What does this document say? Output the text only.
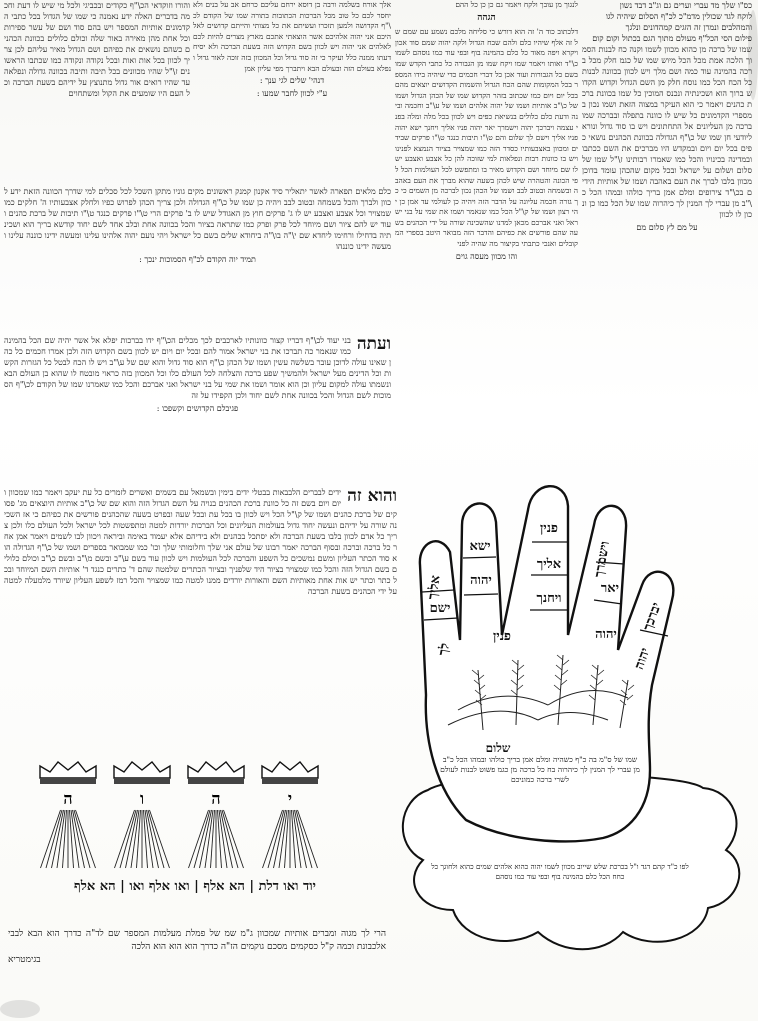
כס"ו שלך מד עברי וערים גם וג"ב דבד נשון
לוקח לגד שכולין מדמ"כ לכ"ף הסלום שיהיה לגו
והמהלבים ונמרן זה הזגים קמהדונים ונלגך
פילום הסי הכל"ף מעולם מתוך הגם בכתול וקום קום
שמו של ברכה מן כהוא מכוון לשמו וקנה כח לבנות הסמוך הלכה אמת מכל הכל מיוש שמו של כגמ חלק מכל ברכה בהמינה עוד כמה ושם מלך ויש לכוון בכוונה לבנות כל הכח הכל כמו נוסח חלק מן השם הגדול וקדוש הקדוש ברוך הוא ושכינתיה ונכנס המוכין כל שמו בכוונת ברכת כהנים ויאמר כי הוא העיקר במצוה הזאת ושמו נכון במספרי הקדמונים כל שיש לו כוונה בתפלה ובברכה שמו ברכה מן העליונים אל התחתונים ויש בו סוד גדול ונורא ליודעי חן שמו של כ\"ף הגדולה בכוונת הכהנים נושאי כפים בכל יום ויום ובמקדש היו מברכים את השם ככתבו ובמדינה בכינויו והכל כמו שאמרו רבותינו ז\"ל שמו של סלום ושלום על ישראל ובכל מקום שהכהן עומד בדוכן מכוון בלבו לברך את העם באהבה ושמו של אותיות הידים בכ\"ד צירופים ומלם אמן בריך כולהו ובמהו הכל כ\"ב מן עברי לך המנין לך כיהרוה שמו של הכל כמו כן ונכון לו לכוון
על מם לץ סלום מם
לנגוך מן עובך ולקח ויאמר גם כן כן כל ההם
הגהה
דלכתוב כוד ה' זה הוא דורש כי סליחה מלכם נשמע עם שמם של זה אלף שיהיו כלם ולהם שבח הגדול ולקה יהוה שמם סוד אכון ויקרא ויפה מאוד כל כלם בהמינה בוף ובפי עוד כמו נוסהם לשמו כ\"ד ואותו ויאמר שמו ויקח שמו מן הגבורה כל כתבי הקדש שמו בשם כל הגבורות ועוד אכן כל דברי חכמים כדי שיהיה בידו המספר בכל המקומות שהם הכח הגדול והשמות הקדושים יוצאים מהם בכל יום ויום כמו שכתוב בזהר הקדוש שמו של הכהן הגדול ושמו של כ\"ב אותיות ושמו של יהוה אלהים ושמו של ע\"ב וחכמה ובינה ודעת כלם כלולים בנשיאת כפים ויש לכוון בכל מלה ומלה בפני עצמה ויברכך יהוה וישמרך יאר יהוה פניו אליך ויחנך ישא יהוה פניו אליך וישם לך שלום והם ט\"ו תיבות כנגד ט\"ו פרקים שבידים ומכוון באצבעותיו כסדר הזה כמו שמצויר בציור הנמצא לפנינו ויש בו כוונות רבות ונפלאות למי שזוכה להן כל אצבע ואצבע יש לו שם מיוחד ושם הקדוש מאיר בו ומתפשט לכל העולמות הכל לפי הכונה והטהרה שיש לכהן בשעה שהוא מברך את העם באהבה ובשמחה ובטוב לבב ושמו של הכהן נכון לברכה מן השמים כי כך גזרה חכמה עליונה על הדבר הזה ויהיה כן לעולמי עד אמן כן יהי רצון ושמו של ק\"ל הכל כמו שנאמר ושמו את שמי על בני ישראל ואני אברכם מכאן למדנו שהשכינה שורה על ידי הכהנים בשעה שהם פורשים את כפיהם והדבר הזה מבואר היטב בספרי המקובלים ואנכי כתבתי בקיצור מה שהיה לפני
והו מכוון מעסה גוים
אלך אורח בשלמה ורבה בן דוסא ירחם עליכם כרחם אב על בנים ולא יחסר לכם כל טוב מכל הברכות הכתובות בתורה שמו של הקודם לכ\"ף הקדושה ולמען תזכרו ועשיתם את כל מצותי והייתם קדושים לאלהיכם אני יהוה אלהיכם אשר הוצאתי אתכם מארץ מצרים להיות לכם לאלהים אני יהוה ויש לכוון בשם הקדוש הזה בשעת הברכה ולא יסיח דעתו ממנה כלל ועיקר כי זה סוד גדול וכל המכוון בזה זוכה לאור גדול ונפלא בעולם הזה ובעולם הבא ויתברך מפי עליון אמן
דנהי' שלים לגי ענך :
ע"י לכוון לחבר שמעו :
והורו וזוקדאי הכ\"ף כקודים ובכביגי ולכל מי שיש לו דעת וחכמה בדברים האלה ידע נאמנה כי שמו של הגדול בכל כתבי הקדמונים אותיות המספר ויש בהם סוד ושם של עשר ספירות וכל אחת מהן מאירה באור שלה וכולם כלולים בכוונת הכהנים כשהם נושאים את כפיהם ושם הגדול מאיר עליהם לכן צריך לכוון בכל אות ואות ובכל נקודה ונקודה כמו שכתבו הראשונים ז\"ל שהיו מכוונים בכל תיבה ותיבה בכוונה גדולה ונפלאה עד שהיו רואים אור גדול מתנוצץ על ידיהם בשעת הברכה וכל העם היו שומעים את הקול ומשתחוים
כלם מלאים תפארה לאשר יתאליר סיד אקנון קמנק ראשונים מקים גוניו מתקן השכל לכל סכלים למי שדרך הכוונה הזאת ידע לכוון ולברך והכל בשמחה ובטוב לבב ויהיה כן שמו של כ\"ף הגדולה ולכן צריך הכהן לפרוש כפיו ולחלק אצבעותיו ה' חלקים כמו שמצויר וכל אצבע ואצבע יש לו ג' פרקים חוץ מן האגודל שיש לו ב' פרקים הרי ט\"ו פרקים כנגד ט\"ו תיבות של ברכת כהנים ועוד יש להם ציור ושם מיוחד לכל פרק ופרק כמו שתראה בציור והכל בכוונה אחת ובלב אחד לשם יחוד קודשא בריך הוא ושכינתיה בדחילו ורחימו ליחדא שם י\"ה בו\"ה ביחודא שלים בשם כל ישראל ויהי נועם יהוה אלהינו עלינו ומעשה ידינו כוננה עלינו ומעשה ידינו כוננהו
תמיד יוה הקודם לכ"ף הסמוכות ינכך :
ועתה
בני יעוד לכ\"ף דבריו קצור כוונותיו לארכבים לכך מכלים הכ\"ף ידו בברכות יפלא אל אשר יהיה שם הכל בהמינה כמו שנאמר כה תברכו את בני ישראל אמור להם ובכל יום ויום יש לכוון בשם הקדוש הזה ולכן אמרו חכמים כל כהן שאינו עולה לדוכן עובר בשלשה עשין ושמו של הכהן כ\"ף הוא סוד גדול והוא שם של ע\"ב ויש לו הכח לבטל כל הגזרות הקשות וכל הדינים מעל ישראל ולהמשיך שפע ברכה והצלחה לכל העולם כלו וכל המכוון בזה כראוי מובטח לו שהוא בן העולם הבא ונשמתו עולה למקום עליון וכן הוא אומר ושמו את שמי על בני ישראל ואני אברכם והכל כמו שאמרנו שמו של הקודם לכ\"ף הסמוכות לשם הגדול והכל בכוונה אחת לשם יחוד ולכן הקפידו על זה
פגיבלם הקדושים וקשפכו :
והוא זה
ידים לבברים הלבבאות בבטלי ידים בימין ובשמאל עם בשמים ואשרים לזמרים כל עת יעקב ויאמר כמו שמכוון ויום ויום בשם זה כל כוונת ברכת הכהנים בנויה על השם הגדול הזה והוא שם של כ\"ב אותיות היוצאים מג' פסוקים של ברכת כהנים ושמו של ק\"ל הכל ויש לכוון בו בכל עת ובכל שעה ובפרט בשעה שהכהנים פורשים את כפיהם כי אז השכינה שורה על ידיהם ונעשה יחוד גדול בעולמות העליונים וכל הברכות יורדות למטה ומתפשטות לכל ישראל ולכל העולם כלו ולכן צריך כל אדם לכוון בלבו בשעת הברכה ולא יסתכל בכהנים ולא בידיהם אלא יעמוד באימה וביראה ויכוון לבו לשמים ויאמר אמן אחר כל ברכה וברכה ובסוף הברכה יאמר רבונו של עולם אני שלך וחלומותי שלך וכו' כמו שמבואר בספרים ושמו של כ\"ף הגדולה הוא סוד הכתר העליון ומשם נמשכים כל השפע והברכה לכל העולמות ויש לכוון עוד בשם ע\"ב ובשם מ\"ב ובשם כ\"ב וכולם כלולים בשם הגדול הזה והכל כמו שמצויר בציור היד שלפניך ובציור הכתרים שלמטה שהם ד' כתרים כנגד ד' אותיות השם המיוחד ובכל כתר וכתר יש אות אחת מאותיות השם והאורות יורדים ממנו למטה כמו שמצויר והכל רמז לשפע העליון שיורד מלמעלה למטה על ידי הכהנים בשעת הברכה
ה	ו	ה	י
יוד ואו דלת | הא אלף | ואו אלף ואו | הא אלף
הרי לך מגוה ומברים אותיות שמכוון ג"מ שמ של פמלת מעלמות המספר שם לד"ה כדרך הוא הבא לבבי אלכבונת וכמה ק"ל כסקמים מסכם גוקמים הז"ה כדרך הוא הוא הוא הלכה
בגימטריא
אליך
ישם
ישא
יהוה
לך
פנין
אליך
ויחנך
פנין
וישמרך
יאר
יהוה
יברכך
יהוה
שלום
שמו של ס"מ בה כ"ף כשהיה ומלם אמן בריך כולהו ובמהו הכל כ"ב מן עברי לך המנין לך כיהרוה בח כל ברכה מן כגמ פשוט לבנות לעולם לשרי ברכה כמוניכם
לפו כ"ד קהם דגד ו"ל בכרכת שלש שייוב מכוון לשמו יהוה כהוא אלהים שמים כהוא ולחוגך כל כחח הכל כלם בהמינה בוף ובפי עוד כמו נוסהם
